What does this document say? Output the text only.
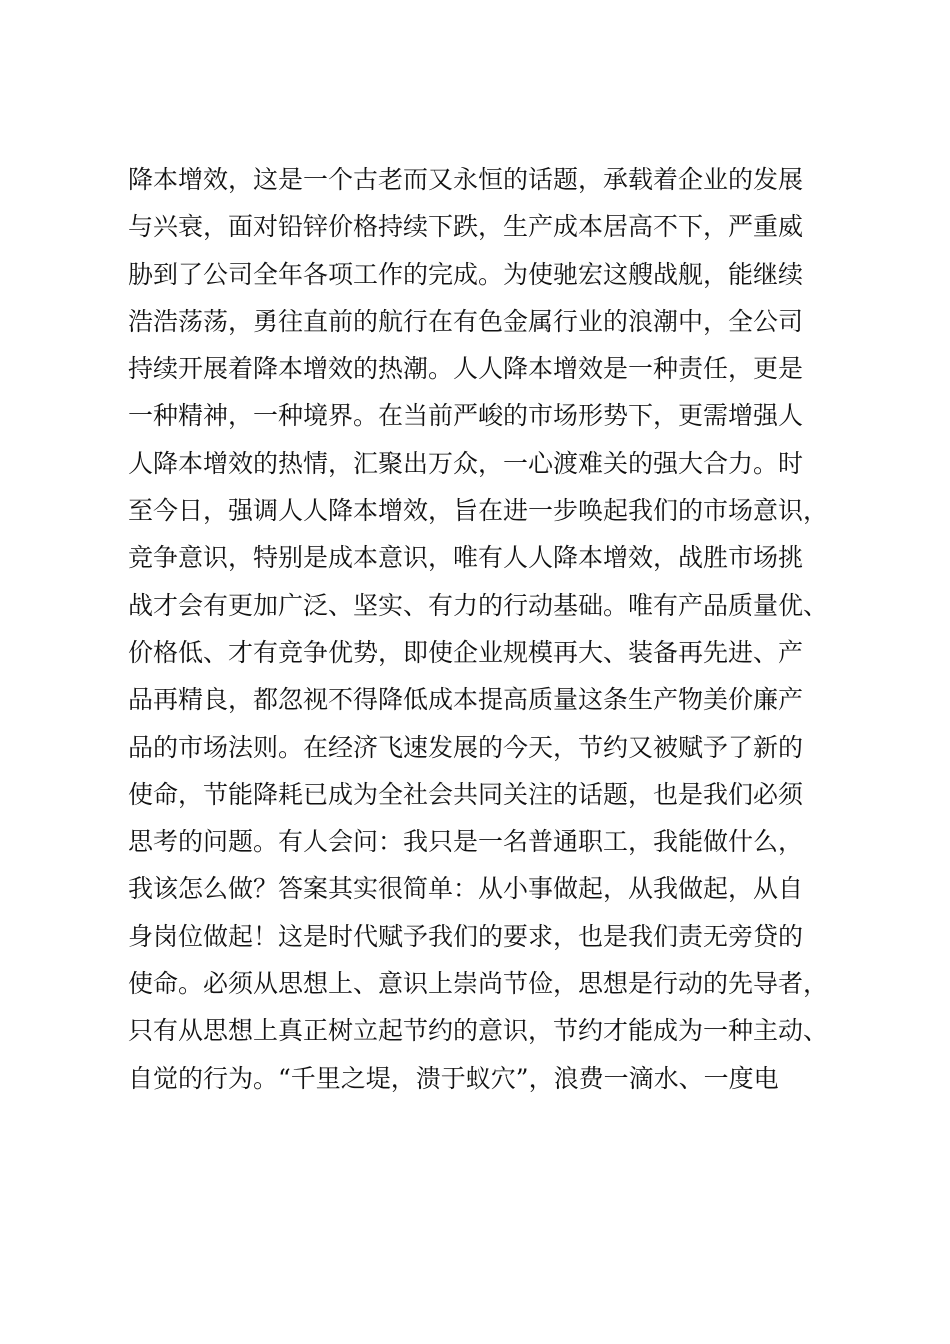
降本增效，这是一个古老而又永恒的话题，承载着企业的发展
与兴衰，面对铅锌价格持续下跌，生产成本居高不下，严重威
胁到了公司全年各项工作的完成。为使驰宏这艘战舰，能继续
浩浩荡荡，勇往直前的航行在有色金属行业的浪潮中，全公司
持续开展着降本增效的热潮。人人降本增效是一种责任，更是
一种精神，一种境界。在当前严峻的市场形势下，更需增强人
人降本增效的热情，汇聚出万众，一心渡难关的强大合力。时
至今日，强调人人降本增效，旨在进一步唤起我们的市场意识，
竞争意识，特别是成本意识，唯有人人降本增效，战胜市场挑
战才会有更加广泛、坚实、有力的行动基础。唯有产品质量优、
价格低、才有竞争优势，即使企业规模再大、装备再先进、产
品再精良，都忽视不得降低成本提高质量这条生产物美价廉产
品的市场法则。在经济飞速发展的今天，节约又被赋予了新的
使命，节能降耗已成为全社会共同关注的话题，也是我们必须
思考的问题。有人会问：我只是一名普通职工，我能做什么，
我该怎么做？答案其实很简单：从小事做起，从我做起，从自
身岗位做起！这是时代赋予我们的要求，也是我们责无旁贷的
使命。必须从思想上、意识上崇尚节俭，思想是行动的先导者，
只有从思想上真正树立起节约的意识，节约才能成为一种主动、
自觉的行为。“千里之堤，溃于蚁穴”，浪费一滴水、一度电
